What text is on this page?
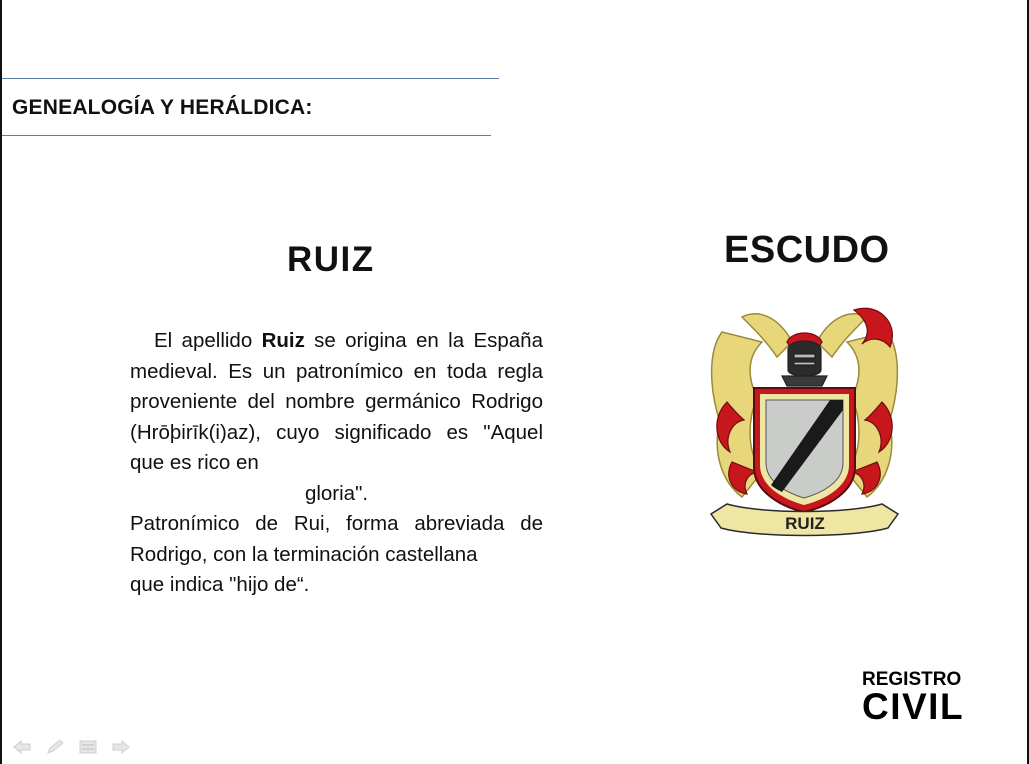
GENEALOGÍA Y HERÁLDICA:
RUIZ

El apellido Ruiz se origina en la España medieval. Es un patronímico en toda regla proveniente del nombre germánico Rodrigo (Hrōþirīk(i)az), cuyo significado es "Aquel que es rico en

gloria".

Patronímico de Rui, forma abreviada de Rodrigo, con la terminación castellana

que indica "hijo de“.

ESCUDO
RUIZ
REGISTRO
CIVIL
